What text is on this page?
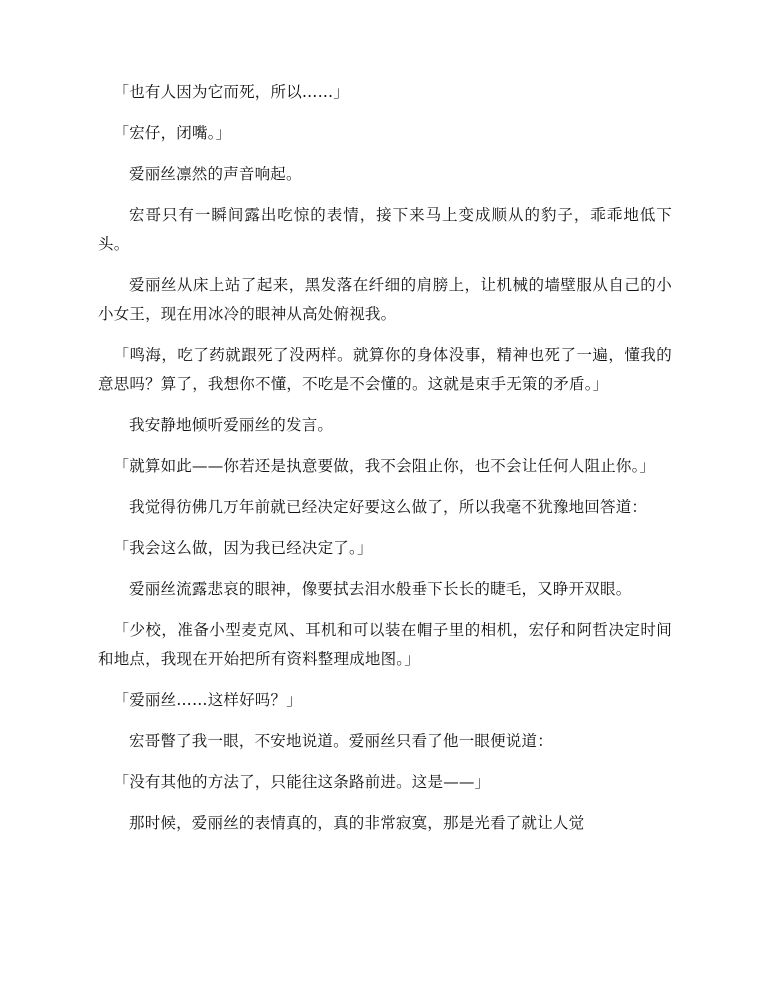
「也有人因为它而死，所以……」

「宏仔，闭嘴。」

爱丽丝凛然的声音响起。

宏哥只有一瞬间露出吃惊的表情，接下来马上变成顺从的豹子，乖乖地低下头。

爱丽丝从床上站了起来，黑发落在纤细的肩膀上，让机械的墙壁服从自己的小小女王，现在用冰冷的眼神从高处俯视我。

「鸣海，吃了药就跟死了没两样。就算你的身体没事，精神也死了一遍，懂我的意思吗？算了，我想你不懂，不吃是不会懂的。这就是束手无策的矛盾。」

我安静地倾听爱丽丝的发言。

「就算如此——你若还是执意要做，我不会阻止你，也不会让任何人阻止你。」

我觉得彷佛几万年前就已经决定好要这么做了，所以我毫不犹豫地回答道：

「我会这么做，因为我已经决定了。」

爱丽丝流露悲哀的眼神，像要拭去泪水般垂下长长的睫毛，又睁开双眼。

「少校，准备小型麦克风、耳机和可以装在帽子里的相机，宏仔和阿哲决定时间和地点，我现在开始把所有资料整理成地图。」

「爱丽丝……这样好吗？」

宏哥瞥了我一眼，不安地说道。爱丽丝只看了他一眼便说道：

「没有其他的方法了，只能往这条路前进。这是——」

那时候，爱丽丝的表情真的，真的非常寂寞，那是光看了就让人觉
